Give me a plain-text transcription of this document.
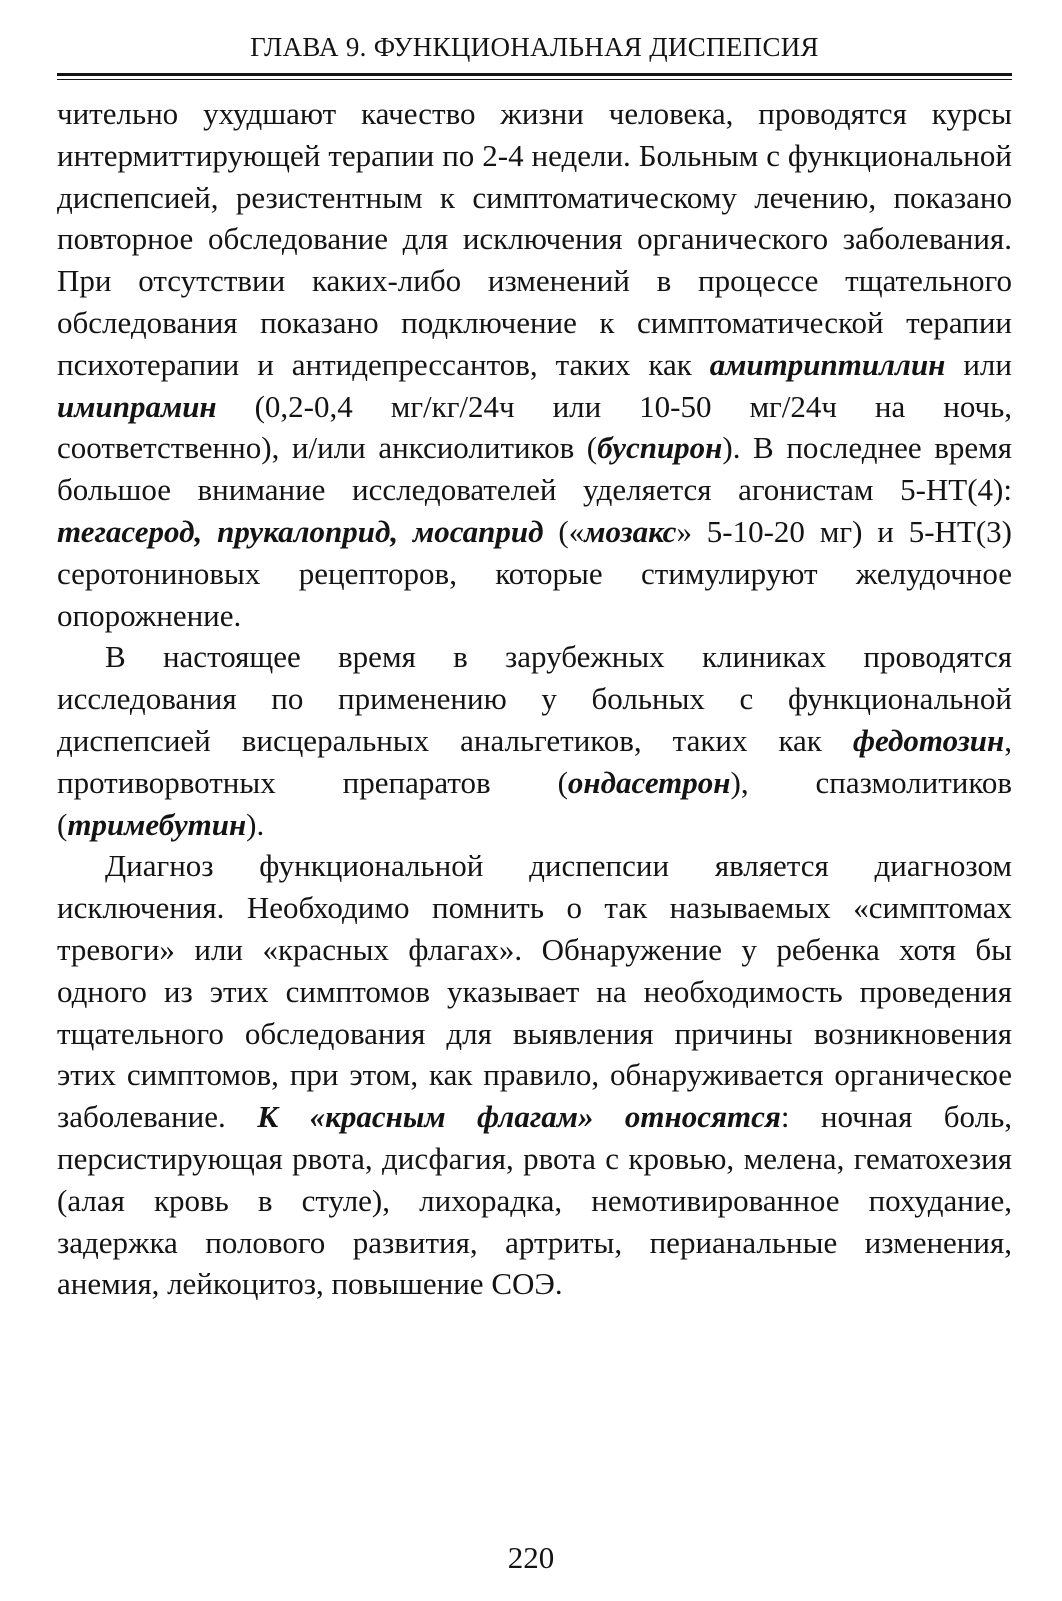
ГЛАВА 9. ФУНКЦИОНАЛЬНАЯ ДИСПЕПСИЯ

чительно ухудшают качество жизни человека, проводятся курсы интермиттирующей терапии по 2-4 недели. Больным с функциональной диспепсией, резистентным к симптоматическому лечению, показано повторное обследование для исключения органического заболевания. При отсутствии каких-либо изменений в процессе тщательного обследования показано подключение к симптоматической терапии психотерапии и антидепрессантов, таких как амитриптиллин или имипрамин (0,2-0,4 мг/кг/24ч или 10-50 мг/24ч на ночь, соответственно), и/или анксиолитиков (буспирон). В последнее время большое внимание исследователей уделяется агонистам 5-НТ(4): тегасерод, прукалоприд, мосаприд («мозакс» 5-10-20 мг) и 5-НТ(3) серотониновых рецепторов, которые стимулируют желудочное опорожнение.

В настоящее время в зарубежных клиниках проводятся исследования по применению у больных с функциональной диспепсией висцеральных анальгетиков, таких как федотозин, противорвотных препаратов (ондасетрон), спазмолитиков (тримебутин).

Диагноз функциональной диспепсии является диагнозом исключения. Необходимо помнить о так называемых «симптомах тревоги» или «красных флагах». Обнаружение у ребенка хотя бы одного из этих симптомов указывает на необходимость проведения тщательного обследования для выявления причины возникновения этих симптомов, при этом, как правило, обнаруживается органическое заболевание. К «красным флагам» относятся: ночная боль, персистирующая рвота, дисфагия, рвота с кровью, мелена, гематохезия (алая кровь в стуле), лихорадка, немотивированное похудание, задержка полового развития, артриты, перианальные изменения, анемия, лейкоцитоз, повышение СОЭ.

220
